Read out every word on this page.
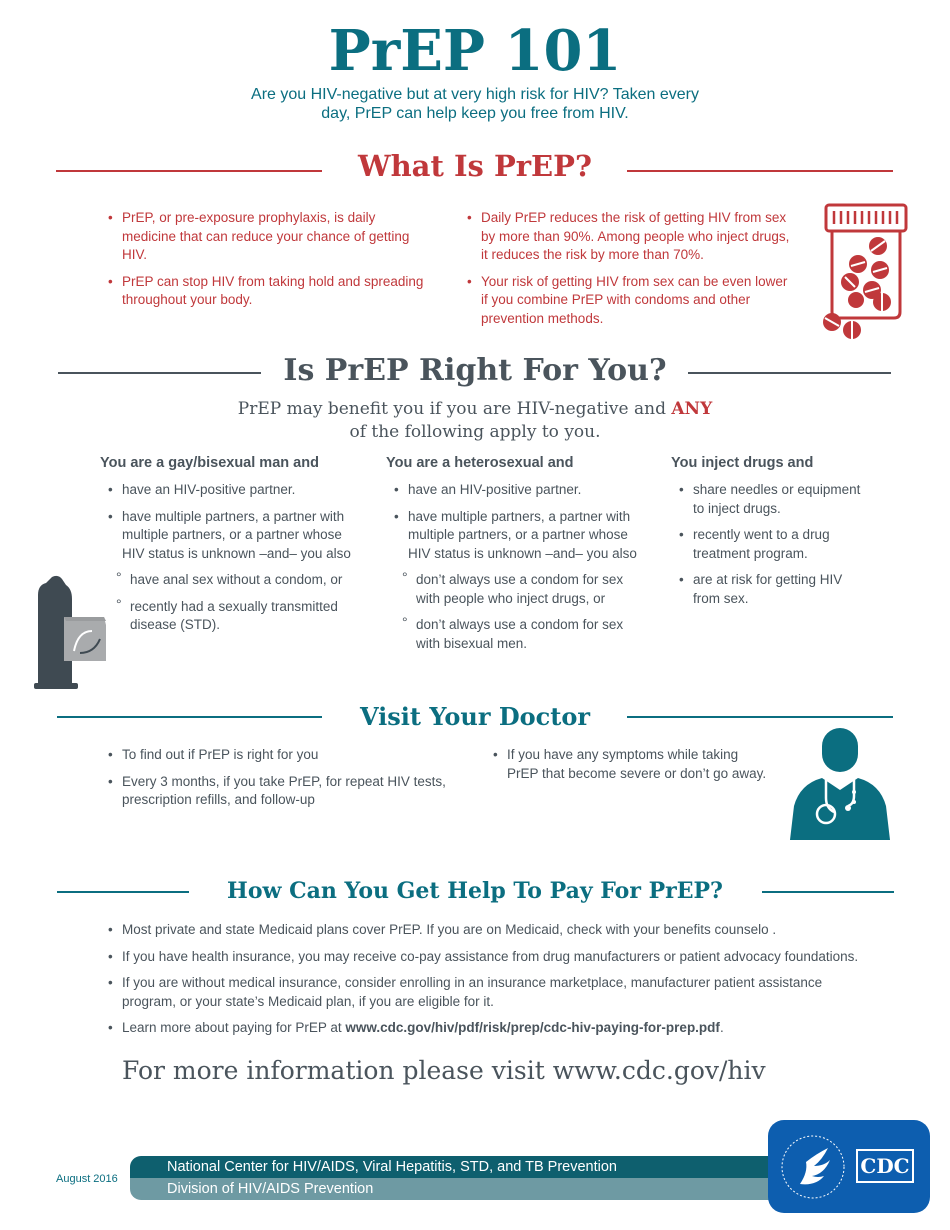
PrEP 101
Are you HIV-negative but at very high risk for HIV? Taken every
day, PrEP can help keep you free from HIV.
What Is PrEP?
• PrEP, or pre-exposure prophylaxis, is daily medicine that can reduce your chance of getting HIV.
• PrEP can stop HIV from taking hold and spreading throughout your body.
• Daily PrEP reduces the risk of getting HIV from sex by more than 90%. Among people who inject drugs, it reduces the risk by more than 70%.
• Your risk of getting HIV from sex can be even lower if you combine PrEP with condoms and other prevention methods.
Is PrEP Right For You?
PrEP may benefit you if you are HIV-negative and ANY
of the following apply to you.
You are a gay/bisexual man and
• have an HIV-positive partner.
• have multiple partners, a partner with multiple partners, or a partner whose HIV status is unknown –and– you also
° have anal sex without a condom, or
° recently had a sexually transmitted disease (STD).
You are a heterosexual and
• have an HIV-positive partner.
• have multiple partners, a partner with multiple partners, or a partner whose HIV status is unknown –and– you also
° don’t always use a condom for sex with people who inject drugs, or
° don’t always use a condom for sex with bisexual men.
You inject drugs and
• share needles or equipment to inject drugs.
• recently went to a drug treatment program.
• are at risk for getting HIV from sex.
Visit Your Doctor
• To find out if PrEP is right for you
• Every 3 months, if you take PrEP, for repeat HIV tests, prescription refills, and follow-up
• If you have any symptoms while taking PrEP that become severe or don’t go away.
How Can You Get Help To Pay For PrEP?
• Most private and state Medicaid plans cover PrEP. If you are on Medicaid, check with your benefits counselo .
• If you have health insurance, you may receive co-pay assistance from drug manufacturers or patient advocacy foundations.
• If you are without medical insurance, consider enrolling in an insurance marketplace, manufacturer patient assistance program, or your state’s Medicaid plan, if you are eligible for it.
• Learn more about paying for PrEP at www.cdc.gov/hiv/pdf/risk/prep/cdc-hiv-paying-for-prep.pdf.
For more information please visit www.cdc.gov/hiv
August 2016
National Center for HIV/AIDS, Viral Hepatitis, STD, and TB Prevention
Division of HIV/AIDS Prevention
CDC
